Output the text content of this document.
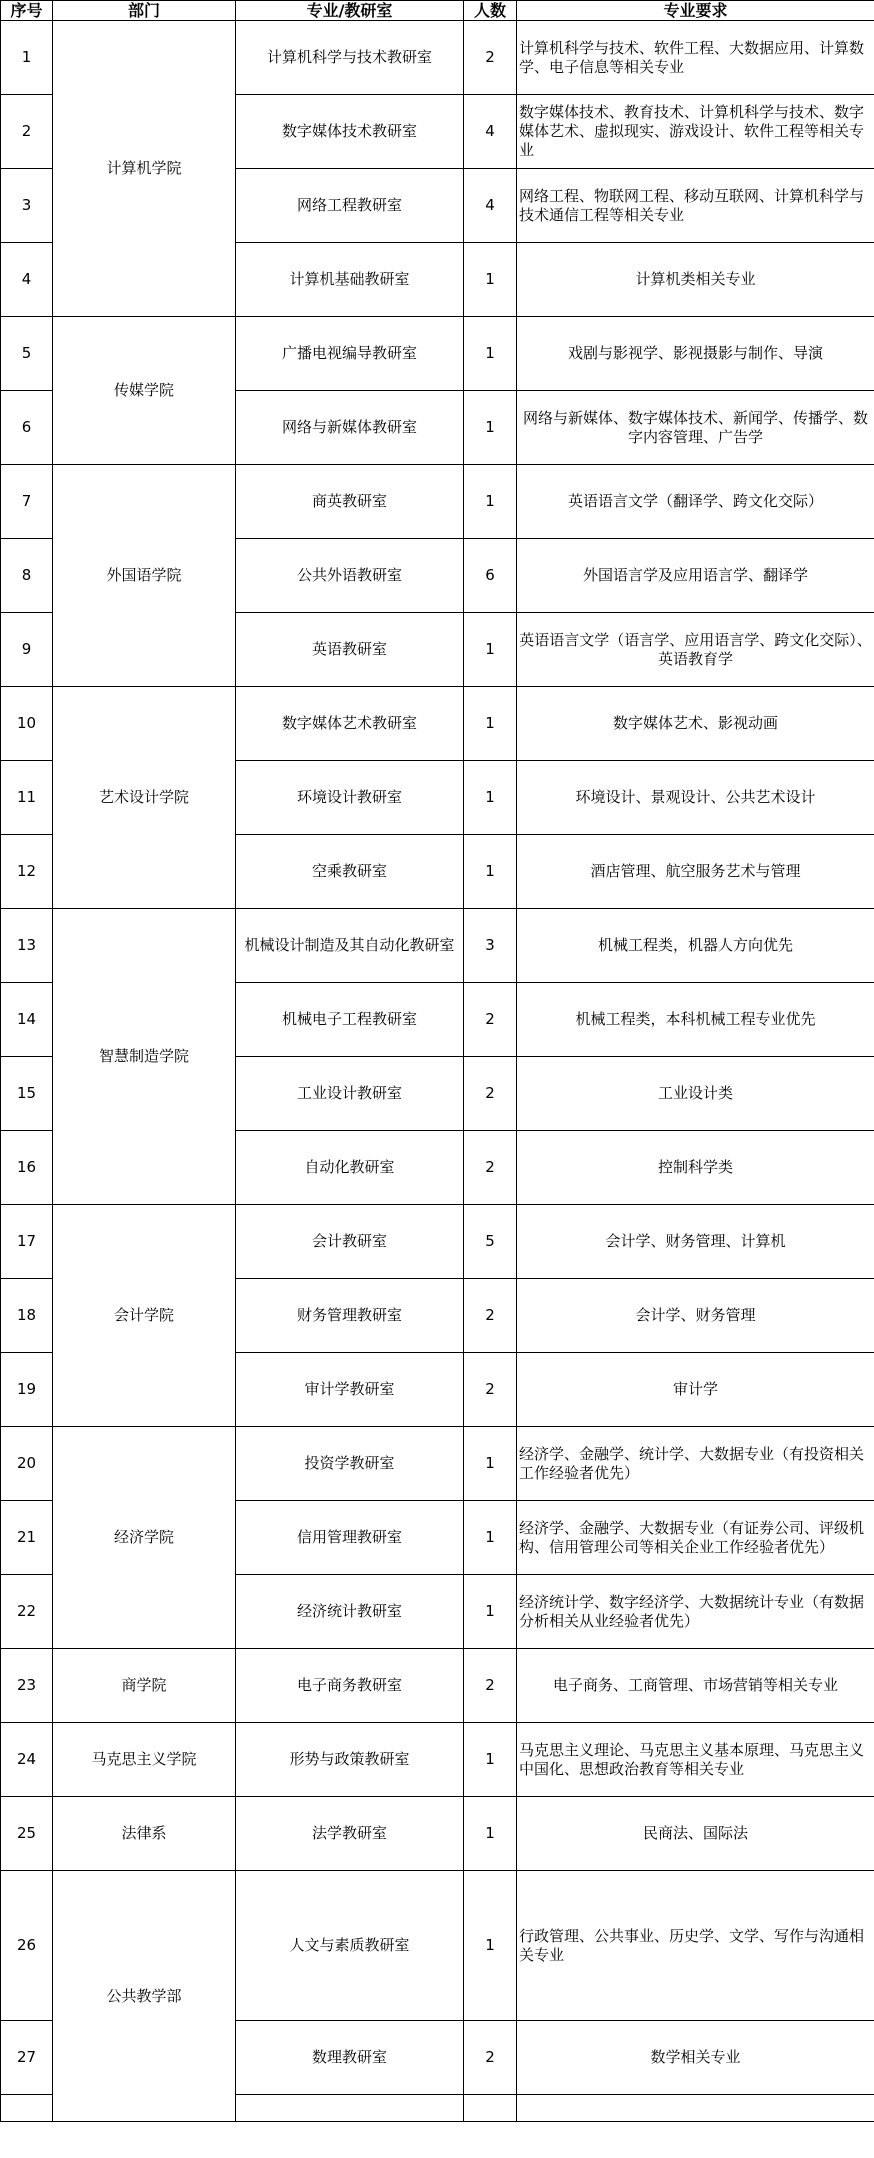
序号	部门	专业/教研室	人数	专业要求
1	计算机学院	计算机科学与技术教研室	2	计算机科学与技术、软件工程、大数据应用、计算数学、电子信息等相关专业
2		数字媒体技术教研室	4	数字媒体技术、教育技术、计算机科学与技术、数字媒体艺术、虚拟现实、游戏设计、软件工程等相关专业
3		网络工程教研室	4	网络工程、物联网工程、移动互联网、计算机科学与技术通信工程等相关专业
4		计算机基础教研室	1	计算机类相关专业
5	传媒学院	广播电视编导教研室	1	戏剧与影视学、影视摄影与制作、导演
6		网络与新媒体教研室	1	网络与新媒体、数字媒体技术、新闻学、传播学、数字内容管理、广告学
7	外国语学院	商英教研室	1	英语语言文学（翻译学、跨文化交际）
8		公共外语教研室	6	外国语言学及应用语言学、翻译学
9		英语教研室	1	英语语言文学（语言学、应用语言学、跨文化交际）、英语教育学
10	艺术设计学院	数字媒体艺术教研室	1	数字媒体艺术、影视动画
11		环境设计教研室	1	环境设计、景观设计、公共艺术设计
12		空乘教研室	1	酒店管理、航空服务艺术与管理
13	智慧制造学院	机械设计制造及其自动化教研室	3	机械工程类，机器人方向优先
14		机械电子工程教研室	2	机械工程类，本科机械工程专业优先
15		工业设计教研室	2	工业设计类
16		自动化教研室	2	控制科学类
17	会计学院	会计教研室	5	会计学、财务管理、计算机
18		财务管理教研室	2	会计学、财务管理
19		审计学教研室	2	审计学
20	经济学院	投资学教研室	1	经济学、金融学、统计学、大数据专业（有投资相关工作经验者优先）
21		信用管理教研室	1	经济学、金融学、大数据专业（有证券公司、评级机构、信用管理公司等相关企业工作经验者优先）
22		经济统计教研室	1	经济统计学、数字经济学、大数据统计专业（有数据分析相关从业经验者优先）
23	商学院	电子商务教研室	2	电子商务、工商管理、市场营销等相关专业
24	马克思主义学院	形势与政策教研室	1	马克思主义理论、马克思主义基本原理、马克思主义中国化、思想政治教育等相关专业
25	法律系	法学教研室	1	民商法、国际法
26	公共教学部	人文与素质教研室	1	行政管理、公共事业、历史学、文学、写作与沟通相关专业
27		数理教研室	2	数学相关专业
